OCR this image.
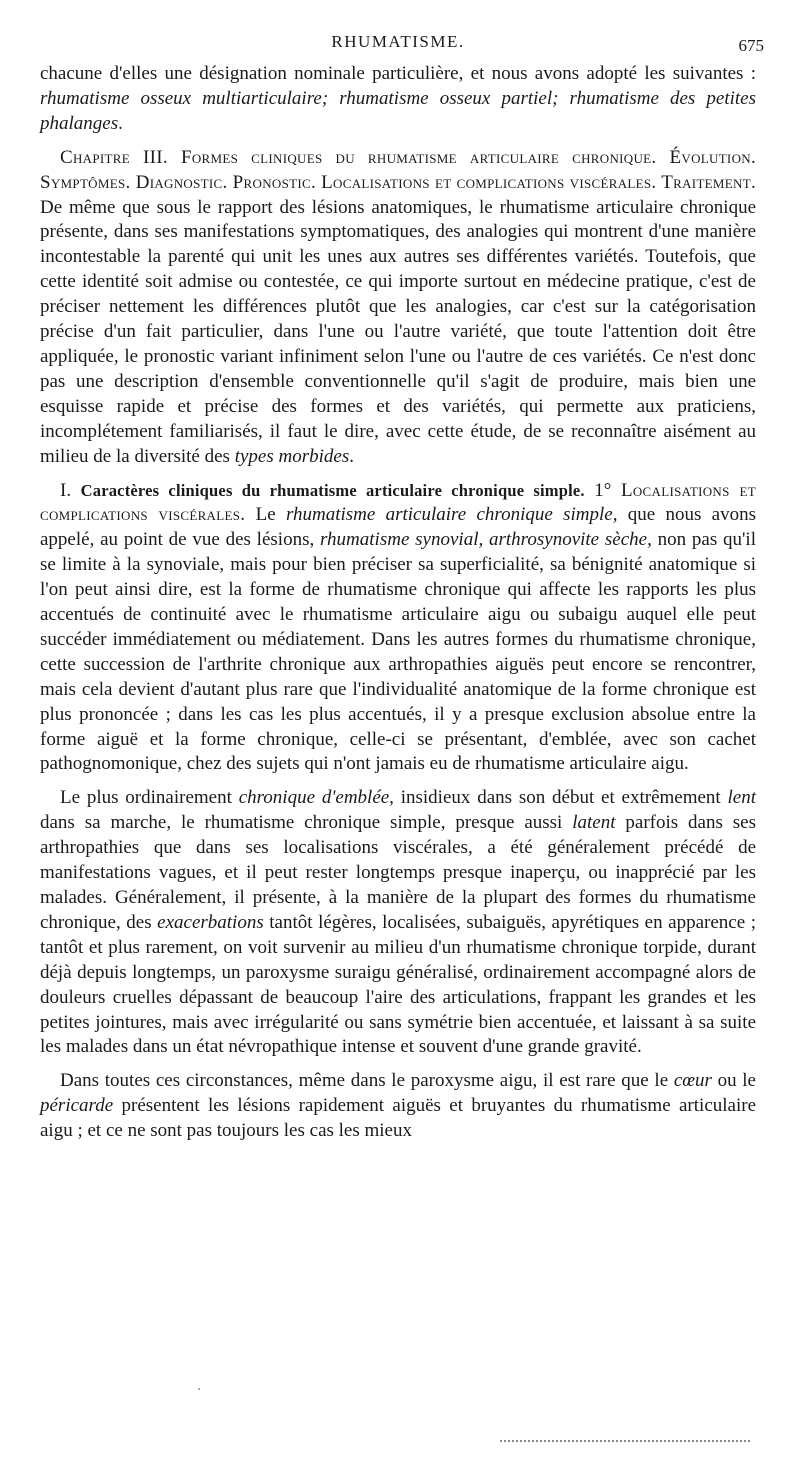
RHUMATISME.	675

chacune d'elles une désignation nominale particulière, et nous avons adopté les suivantes : rhumatisme osseux multiarticulaire; rhumatisme osseux partiel; rhumatisme des petites phalanges.

Chapitre III. Formes cliniques du rhumatisme articulaire chronique. Évolution. Symptômes. Diagnostic. Pronostic. Localisations et complications viscérales. Traitement. De même que sous le rapport des lésions anatomiques, le rhumatisme articulaire chronique présente, dans ses manifestations symptomatiques, des analogies qui montrent d'une manière incontestable la parenté qui unit les unes aux autres ses différentes variétés. Toutefois, que cette identité soit admise ou contestée, ce qui importe surtout en médecine pratique, c'est de préciser nettement les différences plutôt que les analogies, car c'est sur la catégorisation précise d'un fait particulier, dans l'une ou l'autre variété, que toute l'attention doit être appliquée, le pronostic variant infiniment selon l'une ou l'autre de ces variétés. Ce n'est donc pas une description d'ensemble conventionnelle qu'il s'agit de produire, mais bien une esquisse rapide et précise des formes et des variétés, qui permette aux praticiens, incomplétement familiarisés, il faut le dire, avec cette étude, de se reconnaître aisément au milieu de la diversité des types morbides.

I. Caractères cliniques du rhumatisme articulaire chronique simple. 1° Localisations et complications viscérales. Le rhumatisme articulaire chronique simple, que nous avons appelé, au point de vue des lésions, rhumatisme synovial, arthrosynovite sèche, non pas qu'il se limite à la synoviale, mais pour bien préciser sa superficialité, sa bénignité anatomique si l'on peut ainsi dire, est la forme de rhumatisme chronique qui affecte les rapports les plus accentués de continuité avec le rhumatisme articulaire aigu ou subaigu auquel elle peut succéder immédiatement ou médiatement. Dans les autres formes du rhumatisme chronique, cette succession de l'arthrite chronique aux arthropathies aiguës peut encore se rencontrer, mais cela devient d'autant plus rare que l'individualité anatomique de la forme chronique est plus prononcée ; dans les cas les plus accentués, il y a presque exclusion absolue entre la forme aiguë et la forme chronique, celle-ci se présentant, d'emblée, avec son cachet pathognomonique, chez des sujets qui n'ont jamais eu de rhumatisme articulaire aigu.

Le plus ordinairement chronique d'emblée, insidieux dans son début et extrêmement lent dans sa marche, le rhumatisme chronique simple, presque aussi latent parfois dans ses arthropathies que dans ses localisations viscérales, a été généralement précédé de manifestations vagues, et il peut rester longtemps presque inaperçu, ou inapprécié par les malades. Généralement, il présente, à la manière de la plupart des formes du rhumatisme chronique, des exacerbations tantôt légères, localisées, subaiguës, apyrétiques en apparence ; tantôt et plus rarement, on voit survenir au milieu d'un rhumatisme chronique torpide, durant déjà depuis longtemps, un paroxysme suraigu généralisé, ordinairement accompagné alors de douleurs cruelles dépassant de beaucoup l'aire des articulations, frappant les grandes et les petites jointures, mais avec irrégularité ou sans symétrie bien accentuée, et laissant à sa suite les malades dans un état névropathique intense et souvent d'une grande gravité.

Dans toutes ces circonstances, même dans le paroxysme aigu, il est rare que le cœur ou le péricarde présentent les lésions rapidement aiguës et bruyantes du rhumatisme articulaire aigu ; et ce ne sont pas toujours les cas les mieux
